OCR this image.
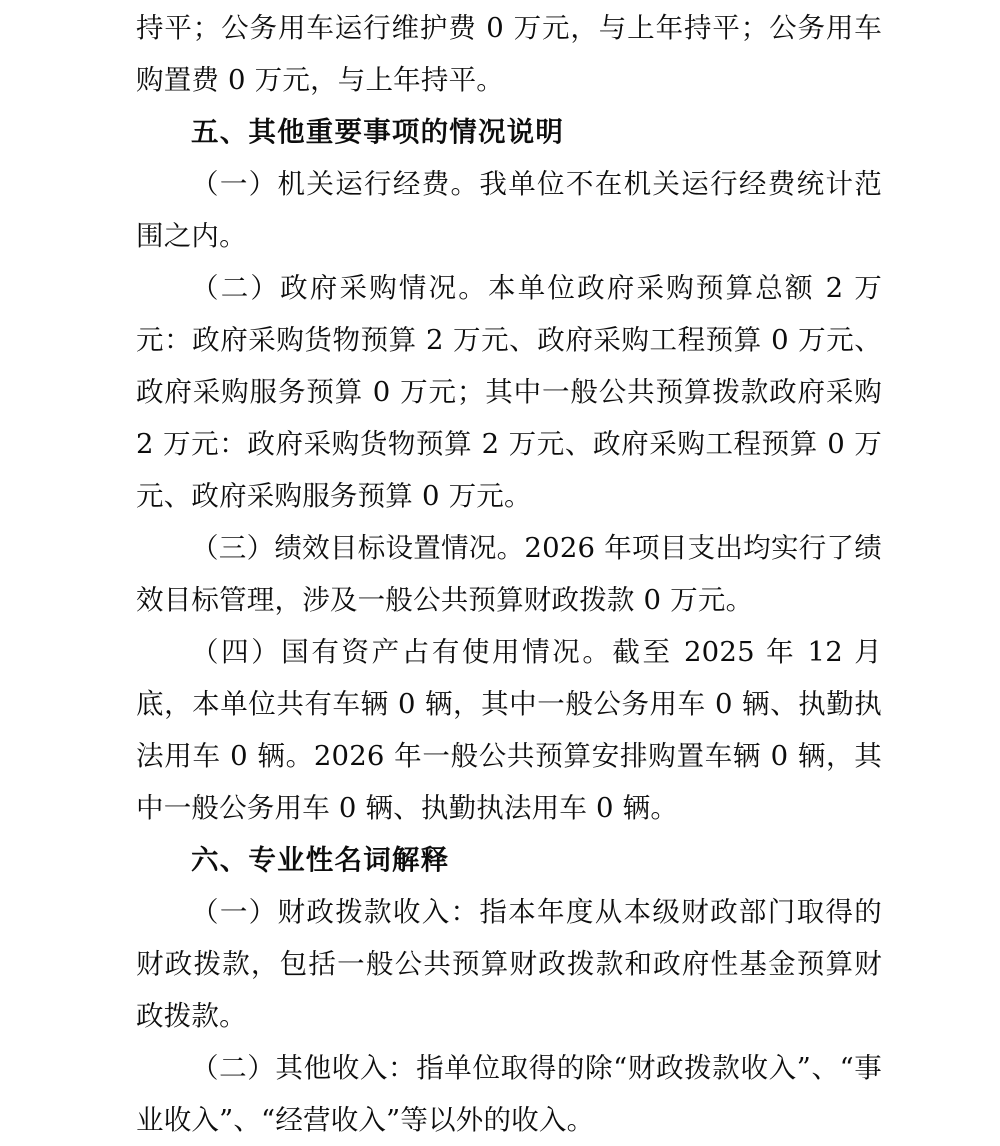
持平；公务用车运行维护费 0 万元，与上年持平；公务用车购置费 0 万元，与上年持平。

五、其他重要事项的情况说明

（一）机关运行经费。我单位不在机关运行经费统计范围之内。

（二）政府采购情况。本单位政府采购预算总额 2 万元：政府采购货物预算 2 万元、政府采购工程预算 0 万元、政府采购服务预算 0 万元；其中一般公共预算拨款政府采购 2 万元：政府采购货物预算 2 万元、政府采购工程预算 0 万元、政府采购服务预算 0 万元。

（三）绩效目标设置情况。2026 年项目支出均实行了绩效目标管理，涉及一般公共预算财政拨款 0 万元。

（四）国有资产占有使用情况。截至 2025 年 12 月底，本单位共有车辆 0 辆，其中一般公务用车 0 辆、执勤执法用车 0 辆。2026 年一般公共预算安排购置车辆 0 辆，其中一般公务用车 0 辆、执勤执法用车 0 辆。

六、专业性名词解释

（一）财政拨款收入：指本年度从本级财政部门取得的财政拨款，包括一般公共预算财政拨款和政府性基金预算财政拨款。

（二）其他收入：指单位取得的除“财政拨款收入”、“事业收入”、“经营收入”等以外的收入。
